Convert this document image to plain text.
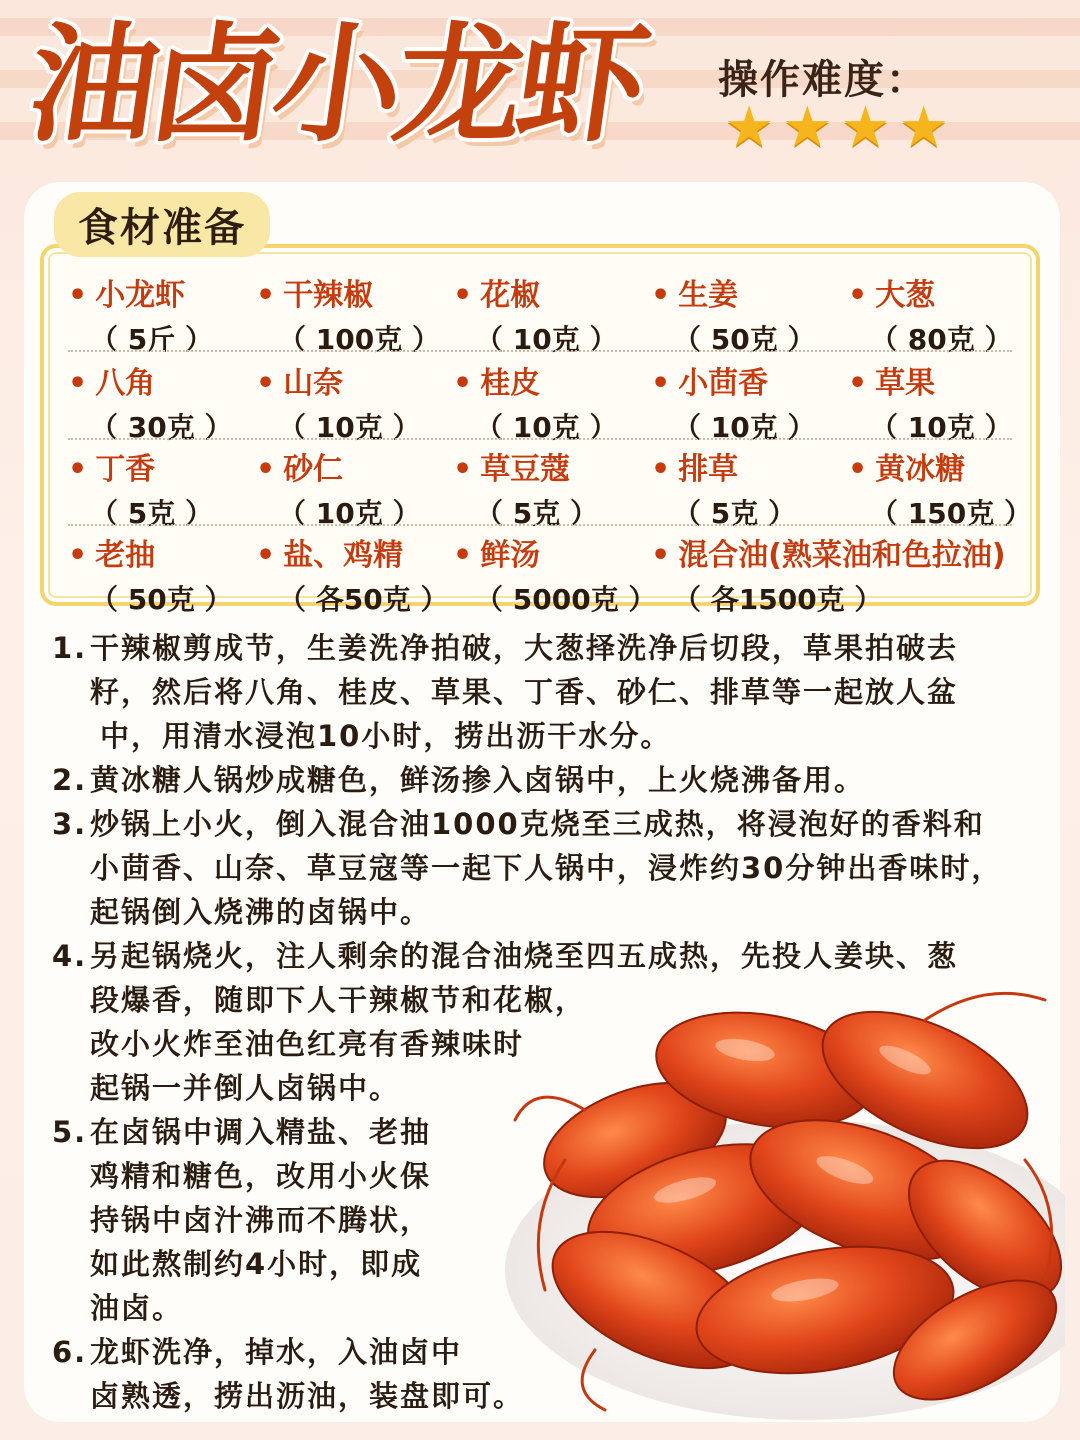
油卤小龙虾 操作难度：
★ ★ ★ ★
• 小龙虾
（ 5斤 ）
• 干辣椒
（ 100克 ）
• 花椒
（ 10克 ）
• 生姜
（ 50克 ）
• 大葱
（ 80克 ）
• 八角
（ 30克 ）
• 山奈
（ 10克 ）
• 桂皮
（ 10克 ）
• 小茴香
（ 10克 ）
• 草果
（ 10克 ）
• 丁香
（ 5克 ）
• 砂仁
（ 10克 ）
• 草豆蔻
（ 5克 ）
• 排草
（ 5克 ）
• 黄冰糖
（ 150克 ）
• 老抽
（ 50克 ）
• 盐、鸡精
（ 各50克 ）
• 鲜汤
（ 5000克 ）
• 混合油(熟菜油和色拉油)
（ 各1500克 ）
食材准备
1. 干辣椒剪成节，生姜洗净拍破，大葱择洗净后切段，草果拍破去
籽，然后将八角、桂皮、草果、丁香、砂仁、排草等一起放人盆
中，用清水浸泡10小时，捞出沥干水分。
2. 黄冰糖人锅炒成糖色，鲜汤掺入卤锅中，上火烧沸备用。
3. 炒锅上小火，倒入混合油1000克烧至三成热，将浸泡好的香料和
小茴香、山奈、草豆寇等一起下人锅中，浸炸约30分钟出香味时，
起锅倒入烧沸的卤锅中。
4. 另起锅烧火，注人剩余的混合油烧至四五成热，先投人姜块、葱
段爆香，随即下人干辣椒节和花椒，
改小火炸至油色红亮有香辣味时
起锅一并倒人卤锅中。
5. 在卤锅中调入精盐、老抽
鸡精和糖色，改用小火保
持锅中卤汁沸而不腾状，
如此熬制约4小时，即成
油卤。
6. 龙虾洗净，掉水，入油卤中
卤熟透，捞出沥油，装盘即可。
